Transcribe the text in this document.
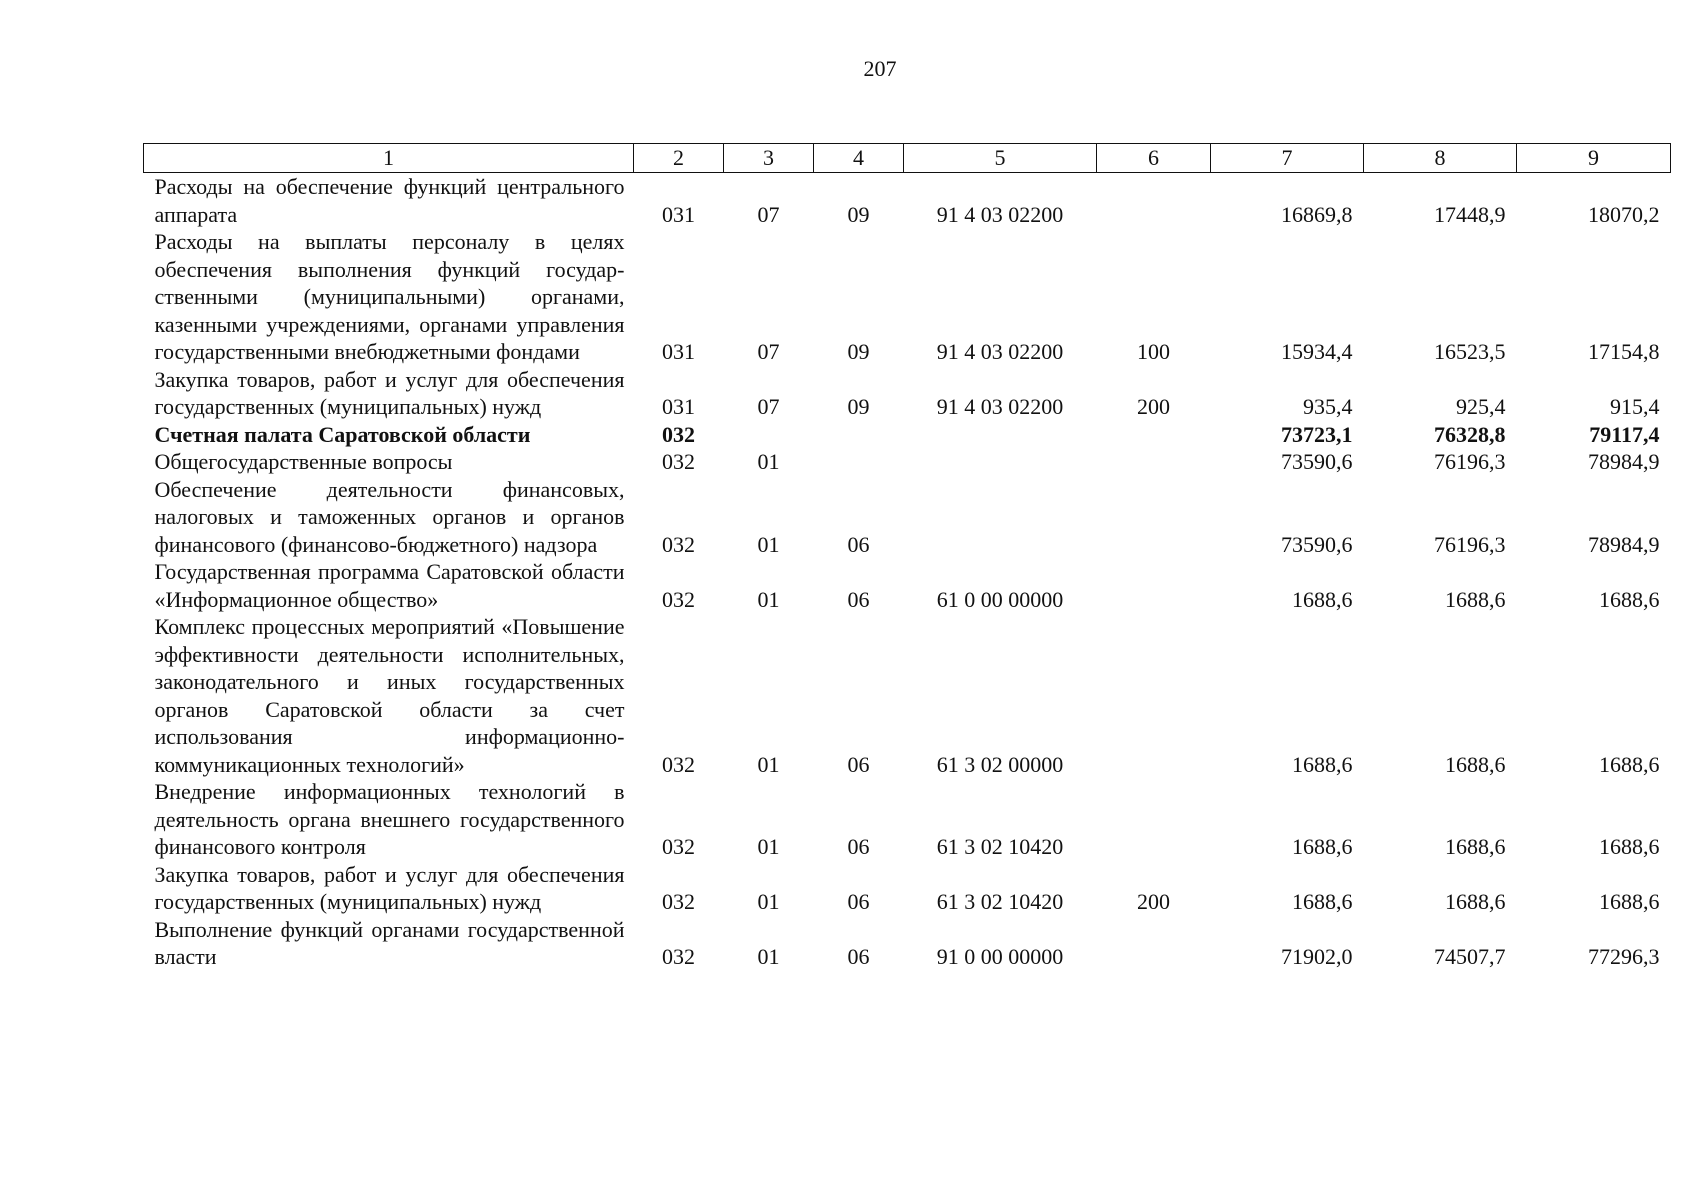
207
1	2	3	4	5	6	7	8	9
Расходы на обеспечение функций центрального аппарата	031	07	09	91 4 03 02200		16869,8	17448,9	18070,2
Расходы на выплаты персоналу в целях обеспечения выполнения функций государственными (муниципальными) органами, казенными учреждениями, органами управления государственными внебюджетными фондами	031	07	09	91 4 03 02200	100	15934,4	16523,5	17154,8
Закупка товаров, работ и услуг для обеспечения государственных (муниципальных) нужд	031	07	09	91 4 03 02200	200	935,4	925,4	915,4
Счетная палата Саратовской области	032					73723,1	76328,8	79117,4
Общегосударственные вопросы	032	01				73590,6	76196,3	78984,9
Обеспечение деятельности финансовых, налоговых и таможенных органов и органов финансового (финансово-бюджетного) надзора	032	01	06			73590,6	76196,3	78984,9
Государственная программа Саратовской области «Информационное общество»	032	01	06	61 0 00 00000		1688,6	1688,6	1688,6
Комплекс процессных мероприятий «Повышение эффективности деятельности исполнительных, законодательного и иных государственных органов Саратовской области за счет использования информационно-коммуникационных технологий»	032	01	06	61 3 02 00000		1688,6	1688,6	1688,6
Внедрение информационных технологий в деятельность органа внешнего государственного финансового контроля	032	01	06	61 3 02 10420		1688,6	1688,6	1688,6
Закупка товаров, работ и услуг для обеспечения государственных (муниципальных) нужд	032	01	06	61 3 02 10420	200	1688,6	1688,6	1688,6
Выполнение функций органами государственной власти	032	01	06	91 0 00 00000		71902,0	74507,7	77296,3
